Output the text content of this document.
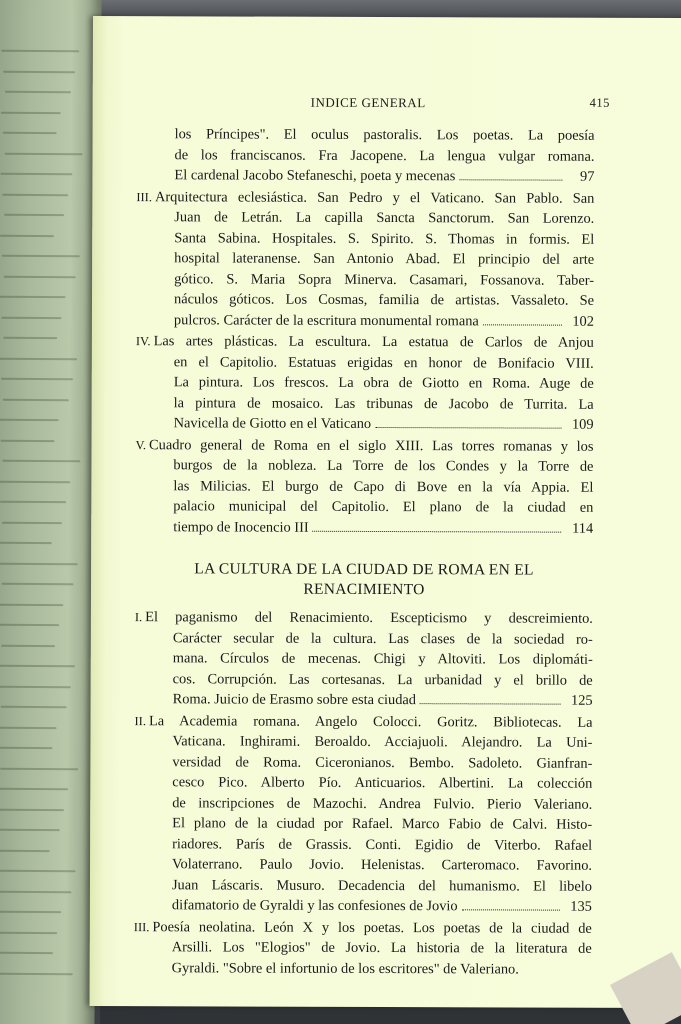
INDICE GENERAL	415
los Príncipes". El oculus pastoralis. Los poetas. La poesía
de los franciscanos. Fra Jacopene. La lengua vulgar romana.
El cardenal Jacobo Stefaneschi, poeta y mecenas	97
III. Arquitectura eclesiástica. San Pedro y el Vaticano. San Pablo. San
Juan de Letrán. La capilla Sancta Sanctorum. San Lorenzo.
Santa Sabina. Hospitales. S. Spirito. S. Thomas in formis. El
hospital lateranense. San Antonio Abad. El principio del arte
gótico. S. Maria Sopra Minerva. Casamari, Fossanova. Taber-
náculos góticos. Los Cosmas, familia de artistas. Vassaleto. Se
pulcros. Carácter de la escritura monumental romana	102
IV. Las artes plásticas. La escultura. La estatua de Carlos de Anjou
en el Capitolio. Estatuas erigidas en honor de Bonifacio VIII.
La pintura. Los frescos. La obra de Giotto en Roma. Auge de
la pintura de mosaico. Las tribunas de Jacobo de Turrita. La
Navicella de Giotto en el Vaticano	109
V. Cuadro general de Roma en el siglo XIII. Las torres romanas y los
burgos de la nobleza. La Torre de los Condes y la Torre de
las Milicias. El burgo de Capo di Bove en la vía Appia. El
palacio municipal del Capitolio. El plano de la ciudad en
tiempo de Inocencio III	114
LA CULTURA DE LA CIUDAD DE ROMA EN EL
RENACIMIENTO
I. El paganismo del Renacimiento. Escepticismo y descreimiento.
Carácter secular de la cultura. Las clases de la sociedad ro-
mana. Círculos de mecenas. Chigi y Altoviti. Los diplomáti-
cos. Corrupción. Las cortesanas. La urbanidad y el brillo de
Roma. Juicio de Erasmo sobre esta ciudad	125
II. La Academia romana. Angelo Colocci. Goritz. Bibliotecas. La
Vaticana. Inghirami. Beroaldo. Acciajuoli. Alejandro. La Uni-
versidad de Roma. Ciceronianos. Bembo. Sadoleto. Gianfran-
cesco Pico. Alberto Pío. Anticuarios. Albertini. La colección
de inscripciones de Mazochi. Andrea Fulvio. Pierio Valeriano.
El plano de la ciudad por Rafael. Marco Fabio de Calvi. Histo-
riadores. París de Grassis. Conti. Egidio de Viterbo. Rafael
Volaterrano. Paulo Jovio. Helenistas. Carteromaco. Favorino.
Juan Láscaris. Musuro. Decadencia del humanismo. El libelo
difamatorio de Gyraldi y las confesiones de Jovio	135
III. Poesía neolatina. León X y los poetas. Los poetas de la ciudad de
Arsilli. Los "Elogios" de Jovio. La historia de la literatura de
Gyraldi. "Sobre el infortunio de los escritores" de Valeriano.
